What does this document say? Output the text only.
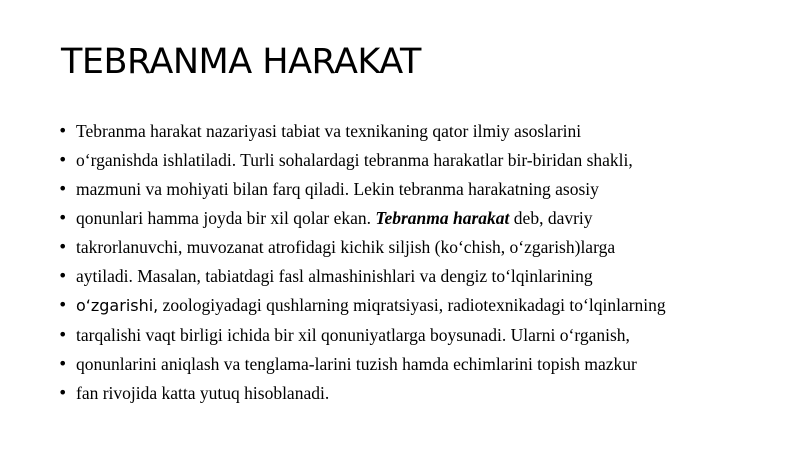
TEBRANMA HARAKAT
• Tebranma harakat nazariyasi tabiat va texnikaning qator ilmiy asoslarini
• o‘rganishda ishlatiladi. Turli sohalardagi tebranma harakatlar bir-biridan shakli,
• mazmuni va mohiyati bilan farq qiladi. Lekin tebranma harakatning asosiy
• qonunlari hamma joyda bir xil qolar ekan. Tebranma harakat deb, davriy
• takrorlanuvchi, muvozanat atrofidagi kichik siljish (ko‘chish, o‘zgarish)larga
• aytiladi. Masalan, tabiatdagi fasl almashinishlari va dengiz to‘lqinlarining
• o‘zgarishi, zoologiyadagi qushlarning miqratsiyasi, radiotexnikadagi to‘lqinlarning
• tarqalishi vaqt birligi ichida bir xil qonuniyatlarga boysunadi. Ularni o‘rganish,
• qonunlarini aniqlash va tenglama-larini tuzish hamda echimlarini topish mazkur
• fan rivojida katta yutuq hisoblanadi.
